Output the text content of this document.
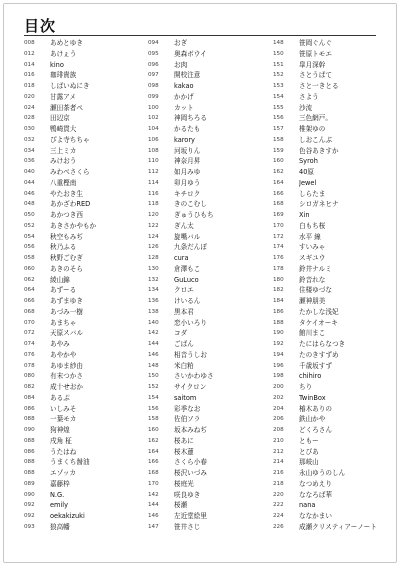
目次
008	あめとゆき
012	あけぇう
014	kino
016	珈琲貴族
018	しばいぬにき
020	甘露アメ
024	瀬田茶者ぺ
028	田辺京
030	鴨崎貫大
032	ぴよ寺ちちゃ
034	三上ミカ
036	みけおう
040	みわべさくら
044	八重樫南
046	やたおき生
048	あかざわRED
050	あかつき西
052	あきさかやもか
054	秋空もみぢ
056	秋乃ふる
058	秋野ごむぎ
060	あきのそら
062	綾山錦
064	あずーる
066	あずまゆき
068	あづみ一樹
070	あまちゃ
072	天原スバル
074	あやみ
076	あやかや
078	あゆま紗由
080	有末つかさ
082	成十せおか
084	あるぷ
086	いしみそ
088	一葉モカ
090	狗神煌
088	戌角 柾
086	うたはね
088	うまくち醤油
088	エゾッカ
089	嘉藤枠
090	N.G.
092	emily
092	oekakizuki
093	狼高幡
094	おぎ
095	奥森ボウイ
096	お肉
097	開校注意
098	kakao
099	かかげ
100	カット
102	神岡ちろる
104	かるたも
106	karory
108	河坂りん
110	神奈月昇
112	如月みゆ
114	卯月ゆう
116	キチロク
118	きのこむし
120	ぎゅうひもち
122	ぎん太
124	旋嘴バル
126	九条だんぼ
128	cura
130	倉澤もこ
132	GuLuco
134	クロエ
136	けいるん
138	黒本君
140	恋小いろり
142	コダ
144	ごばん
146	相音うしお
148	米白粕
150	さいかわゆさ
152	サイクロン
154	saitom
156	彩季なお
158	佐伯ソラ
160	坂本みねぢ
162	桜あに
164	桜木蓮
166	さくら小春
168	桜沢いづみ
170	桜庭光
142	咲良ゆき
144	桜瀬
146	左近堂絵里
147	笹井さじ
148	笹岡ぐんぐ
150	笹原トモエ
151	皐月深幹
152	さとうぱて
153	さと一きとる
154	さよう
155	沙流
156	三色網戸。
157	椎架ゆの
158	しおこんぶ
159	色谷あきすか
160	Syroh
162	40原
164	Jewel
166	しらたま
168	シロガネヒナ
169	Xin
170	白もち桜
172	水平 線
174	すいみゃ
176	スギユウ
178	鈴井ナルミ
180	鈴音れな
182	住楼ゆづな
184	瀬神朋美
186	たかしな浅妃
188	タケイオーキ
190	館川まこ
192	たにはらなつき
194	たのきすずめ
196	千歳坂すず
198	chihiro
200	ちり
202	TwinBox
204	椿木ありの
206	鉄山かや
208	どくろさん
210	ともー
212	とびあ
214	那岐山
216	永山ゆうのしん
218	なつめえり
220	ななろば華
222	nana
224	ななかまい
226	成瀬クリスティアーノート
